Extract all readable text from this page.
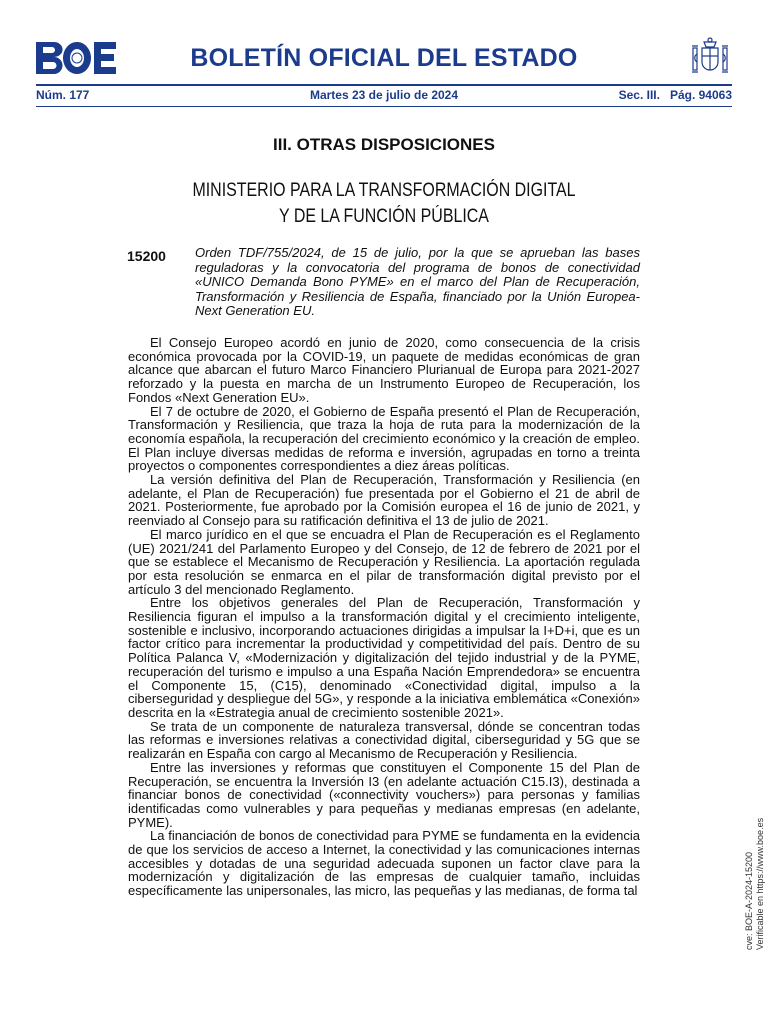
BOLETÍN OFICIAL DEL ESTADO
Núm. 177	Martes 23 de julio de 2024	Sec. III.   Pág. 94063
III. OTRAS DISPOSICIONES
MINISTERIO PARA LA TRANSFORMACIÓN DIGITAL
Y DE LA FUNCIÓN PÚBLICA
15200 Orden TDF/755/2024, de 15 de julio, por la que se aprueban las bases reguladoras y la convocatoria del programa de bonos de conectividad «UNICO Demanda Bono PYME» en el marco del Plan de Recuperación, Transformación y Resiliencia de España, financiado por la Unión Europea-Next Generation EU.

El Consejo Europeo acordó en junio de 2020, como consecuencia de la crisis económica provocada por la COVID-19, un paquete de medidas económicas de gran alcance que abarcan el futuro Marco Financiero Plurianual de Europa para 2021-2027 reforzado y la puesta en marcha de un Instrumento Europeo de Recuperación, los Fondos «Next Generation EU».

El 7 de octubre de 2020, el Gobierno de España presentó el Plan de Recuperación, Transformación y Resiliencia, que traza la hoja de ruta para la modernización de la economía española, la recuperación del crecimiento económico y la creación de empleo. El Plan incluye diversas medidas de reforma e inversión, agrupadas en torno a treinta proyectos o componentes correspondientes a diez áreas políticas.

La versión definitiva del Plan de Recuperación, Transformación y Resiliencia (en adelante, el Plan de Recuperación) fue presentada por el Gobierno el 21 de abril de 2021. Posteriormente, fue aprobado por la Comisión europea el 16 de junio de 2021, y reenviado al Consejo para su ratificación definitiva el 13 de julio de 2021.

El marco jurídico en el que se encuadra el Plan de Recuperación es el Reglamento (UE) 2021/241 del Parlamento Europeo y del Consejo, de 12 de febrero de 2021 por el que se establece el Mecanismo de Recuperación y Resiliencia. La aportación regulada por esta resolución se enmarca en el pilar de transformación digital previsto por el artículo 3 del mencionado Reglamento.

Entre los objetivos generales del Plan de Recuperación, Transformación y Resiliencia figuran el impulso a la transformación digital y el crecimiento inteligente, sostenible e inclusivo, incorporando actuaciones dirigidas a impulsar la I+D+i, que es un factor crítico para incrementar la productividad y competitividad del país. Dentro de su Política Palanca V, «Modernización y digitalización del tejido industrial y de la PYME, recuperación del turismo e impulso a una España Nación Emprendedora» se encuentra el Componente 15, (C15), denominado «Conectividad digital, impulso a la ciberseguridad y despliegue del 5G», y responde a la iniciativa emblemática «Conexión» descrita en la «Estrategia anual de crecimiento sostenible 2021».

Se trata de un componente de naturaleza transversal, dónde se concentran todas las reformas e inversiones relativas a conectividad digital, ciberseguridad y 5G que se realizarán en España con cargo al Mecanismo de Recuperación y Resiliencia.

Entre las inversiones y reformas que constituyen el Componente 15 del Plan de Recuperación, se encuentra la Inversión I3 (en adelante actuación C15.I3), destinada a financiar bonos de conectividad («connectivity vouchers») para personas y familias identificadas como vulnerables y para pequeñas y medianas empresas (en adelante, PYME).

La financiación de bonos de conectividad para PYME se fundamenta en la evidencia de que los servicios de acceso a Internet, la conectividad y las comunicaciones internas accesibles y dotadas de una seguridad adecuada suponen un factor clave para la modernización y digitalización de las empresas de cualquier tamaño, incluidas específicamente las unipersonales, las micro, las pequeñas y las medianas, de forma tal	cve: BOE-A-2024-15200 Verificable en https://www.boe.es
